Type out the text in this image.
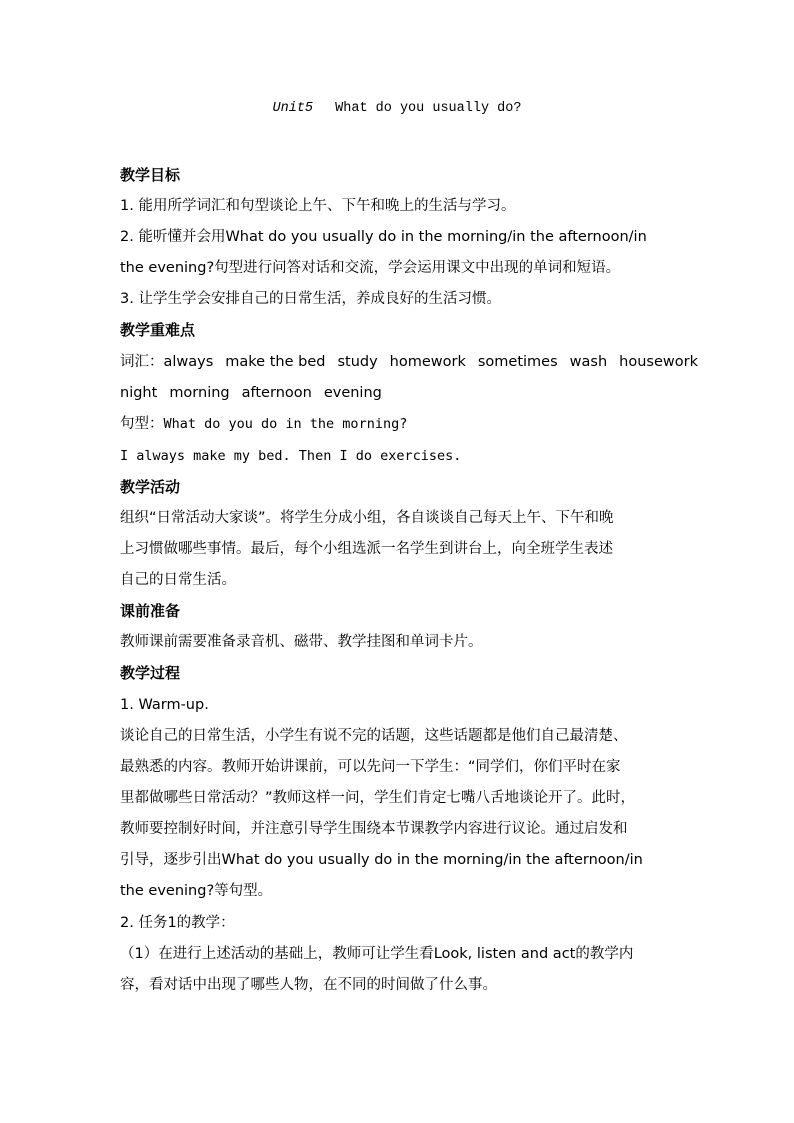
Unit5 What do you usually do?
教学目标
1. 能用所学词汇和句型谈论上午、下午和晚上的生活与学习。
2. 能听懂并会用What do you usually do in the morning/in the afternoon/in
the evening?句型进行问答对话和交流，学会运用课文中出现的单词和短语。
3. 让学生学会安排自己的日常生活，养成良好的生活习惯。
教学重难点
词汇：always make the bed study homework sometimes wash housework
night morning afternoon evening
句型：What do you do in the morning?
I always make my bed. Then I do exercises.
教学活动
组织“日常活动大家谈”。将学生分成小组，各自谈谈自己每天上午、下午和晚
上习惯做哪些事情。最后，每个小组选派一名学生到讲台上，向全班学生表述
自己的日常生活。
课前准备
教师课前需要准备录音机、磁带、教学挂图和单词卡片。
教学过程
1. Warm-up.
谈论自己的日常生活，小学生有说不完的话题，这些话题都是他们自己最清楚、
最熟悉的内容。教师开始讲课前，可以先问一下学生：“同学们，你们平时在家
里都做哪些日常活动？”教师这样一问，学生们肯定七嘴八舌地谈论开了。此时，
教师要控制好时间，并注意引导学生围绕本节课教学内容进行议论。通过启发和
引导，逐步引出What do you usually do in the morning/in the afternoon/in
the evening?等句型。
2. 任务1的教学：
（1）在进行上述活动的基础上，教师可让学生看Look, listen and act的教学内
容，看对话中出现了哪些人物，在不同的时间做了什么事。
